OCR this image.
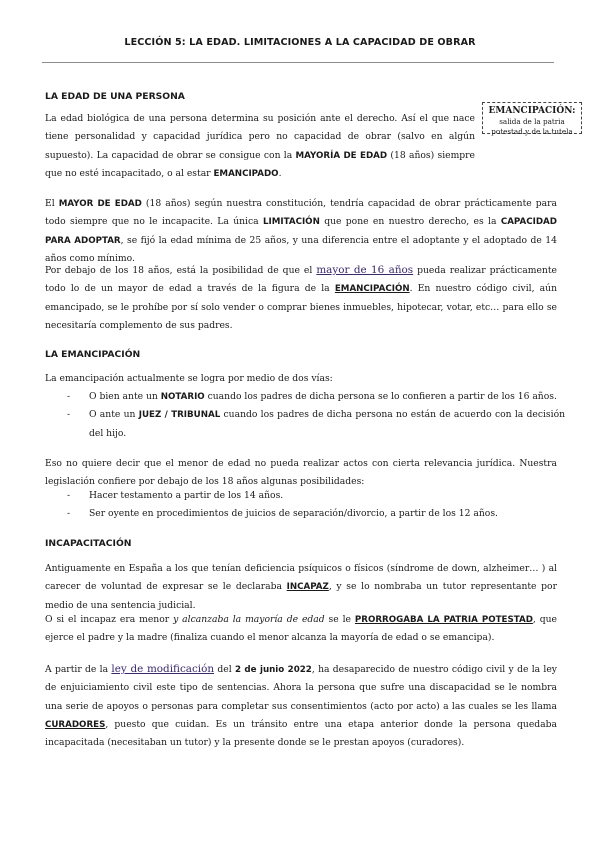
LECCIÓN 5: LA EDAD. LIMITACIONES A LA CAPACIDAD DE OBRAR
LA EDAD DE UNA PERSONA
EMANCIPACIÓN:
salida de la patria
potestad y de la tutela
La edad biológica de una persona determina su posición ante el derecho. Así el que nace tiene personalidad y capacidad jurídica pero no capacidad de obrar (salvo en algún supuesto). La capacidad de obrar se consigue con la MAYORÍA DE EDAD (18 años) siempre que no esté incapacitado, o al estar EMANCIPADO.
El MAYOR DE EDAD (18 años) según nuestra constitución, tendría capacidad de obrar prácticamente para todo siempre que no le incapacite. La única LIMITACIÓN que pone en nuestro derecho, es la CAPACIDAD PARA ADOPTAR, se fijó la edad mínima de 25 años, y una diferencia entre el adoptante y el adoptado de 14 años como mínimo.
Por debajo de los 18 años, está la posibilidad de que el mayor de 16 años pueda realizar prácticamente todo lo de un mayor de edad a través de la figura de la EMANCIPACIÓN. En nuestro código civil, aún emancipado, se le prohíbe por sí solo vender o comprar bienes inmuebles, hipotecar, votar, etc… para ello se necesitaría complemento de sus padres.
LA EMANCIPACIÓN
La emancipación actualmente se logra por medio de dos vías:
- O bien ante un NOTARIO cuando los padres de dicha persona se lo confieren a partir de los 16 años.
- O ante un JUEZ / TRIBUNAL cuando los padres de dicha persona no están de acuerdo con la decisión del hijo.
Eso no quiere decir que el menor de edad no pueda realizar actos con cierta relevancia jurídica. Nuestra legislación confiere por debajo de los 18 años algunas posibilidades:
- Hacer testamento a partir de los 14 años.
- Ser oyente en procedimientos de juicios de separación/divorcio, a partir de los 12 años.
INCAPACITACIÓN
Antiguamente en España a los que tenían deficiencia psíquicos o físicos (síndrome de down, alzheimer… ) al carecer de voluntad de expresar se le declaraba INCAPAZ, y se lo nombraba un tutor representante por medio de una sentencia judicial.
O si el incapaz era menor y alcanzaba la mayoría de edad se le PRORROGABA LA PATRIA POTESTAD, que ejerce el padre y la madre (finaliza cuando el menor alcanza la mayoría de edad o se emancipa).
A partir de la ley de modificación del 2 de junio 2022, ha desaparecido de nuestro código civil y de la ley de enjuiciamiento civil este tipo de sentencias. Ahora la persona que sufre una discapacidad se le nombra una serie de apoyos o personas para completar sus consentimientos (acto por acto) a las cuales se les llama CURADORES, puesto que cuidan. Es un tránsito entre una etapa anterior donde la persona quedaba incapacitada (necesitaban un tutor) y la presente donde se le prestan apoyos (curadores).
